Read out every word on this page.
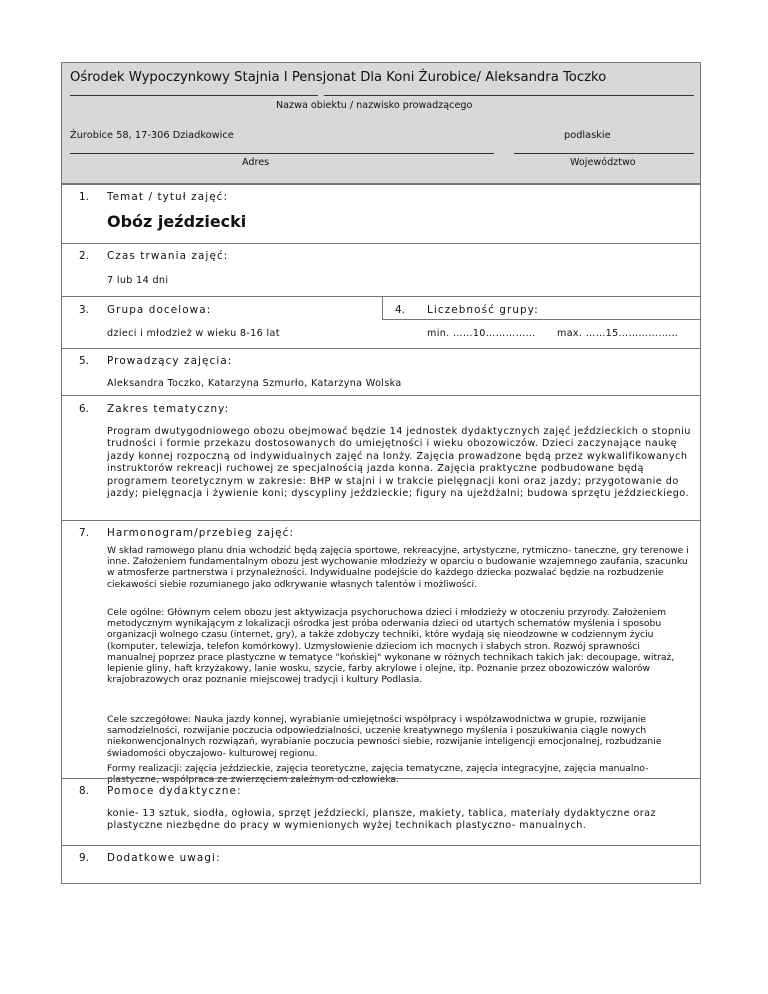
Ośrodek Wypoczynkowy Stajnia I Pensjonat Dla Koni Żurobice/ Aleksandra Toczko
Nazwa obiektu / nazwisko prowadzącego
Żurobice 58, 17-306 Dziadkowice	podlaskie
Adres	Województwo
1. Temat / tytuł zajęć:
Obóz jeździecki
2. Czas trwania zajęć:
7 lub 14 dni
3. Grupa docelowa:
dzieci i młodzież w wieku 8-16 lat
4. Liczebność grupy:
min. ……10…………… max. ……15………………
5. Prowadzący zajęcia:
Aleksandra Toczko, Katarzyna Szmurło, Katarzyna Wolska
6. Zakres tematyczny:
Program dwutygodniowego obozu obejmować będzie 14 jednostek dydaktycznych zajęć jeździeckich o stopniu trudności i formie przekazu dostosowanych do umiejętności i wieku obozowiczów. Dzieci zaczynające naukę jazdy konnej rozpoczną od indywidualnych zajęć na lonży. Zajęcia prowadzone będą przez wykwalifikowanych instruktorów rekreacji ruchowej ze specjalnością jazda konna. Zajęcia praktyczne podbudowane będą programem teoretycznym w zakresie: BHP w stajni i w trakcie pielęgnacji koni oraz jazdy; przygotowanie do jazdy; pielęgnacja i żywienie koni; dyscypliny jeździeckie; figury na ujeżdżalni; budowa sprzętu jeździeckiego.
7. Harmonogram/przebieg zajęć:
W skład ramowego planu dnia wchodzić będą zajęcia sportowe, rekreacyjne, artystyczne, rytmiczno- taneczne, gry terenowe i inne. Założeniem fundamentalnym obozu jest wychowanie młodzieży w oparciu o budowanie wzajemnego zaufania, szacunku w atmosferze partnerstwa i przynależności. Indywidualne podejście do każdego dziecka pozwalać będzie na rozbudzenie ciekawości siebie rozumianego jako odkrywanie własnych talentów i możliwości.
Cele ogólne: Głównym celem obozu jest aktywizacja psychoruchowa dzieci i młodzieży w otoczeniu przyrody. Założeniem metodycznym wynikającym z lokalizacji ośrodka jest próba oderwania dzieci od utartych schematów myślenia i sposobu organizacji wolnego czasu (internet, gry), a także zdobyczy techniki, które wydają się nieodzowne w codziennym życiu (komputer, telewizja, telefon komórkowy). Uzmysłowienie dzieciom ich mocnych i słabych stron. Rozwój sprawności manualnej poprzez prace plastyczne w tematyce "końskiej" wykonane w różnych technikach takich jak: decoupage, witraż, lepienie gliny, haft krzyżakowy, lanie wosku, szycie, farby akrylowe i olejne, itp. Poznanie przez obozowiczów walorów krajobrazowych oraz poznanie miejscowej tradycji i kultury Podlasia.
Cele szczegółowe: Nauka jazdy konnej, wyrabianie umiejętności współpracy i współzawodnictwa w grupie, rozwijanie samodzielności, rozwijanie poczucia odpowiedzialności, uczenie kreatywnego myślenia i poszukiwania ciągle nowych niekonwencjonalnych rozwiązań, wyrabianie poczucia pewności siebie, rozwijanie inteligencji emocjonalnej, rozbudzanie świadomości obyczajowo- kulturowej regionu.
Formy realizacji: zajęcia jeździeckie, zajęcia teoretyczne, zajęcia tematyczne, zajęcia integracyjne, zajęcia manualno- plastyczne, współpraca ze zwierzęciem zależnym od człowieka.
8. Pomoce dydaktyczne:
konie- 13 sztuk, siodła, ogłowia, sprzęt jeździecki, plansze, makiety, tablica, materiały dydaktyczne oraz plastyczne niezbędne do pracy w wymienionych wyżej technikach plastyczno- manualnych.
9. Dodatkowe uwagi:
